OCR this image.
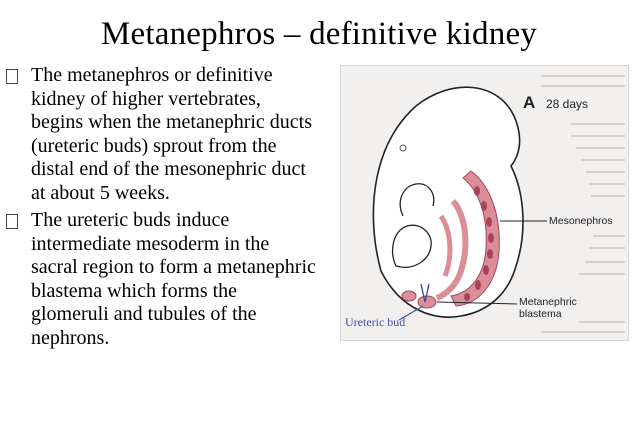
Metanephros – definitive kidney
The metanephros or definitive kidney of higher vertebrates, begins when the metanephric ducts (ureteric buds) sprout from the distal end of the mesonephric duct at about 5 weeks.
The ureteric buds induce intermediate mesoderm in the sacral region to form a metanephric blastema which forms the glomeruli and tubules of the nephrons.
A 28 days
Mesonephros
Metanephric
blastema
Ureteric bud
